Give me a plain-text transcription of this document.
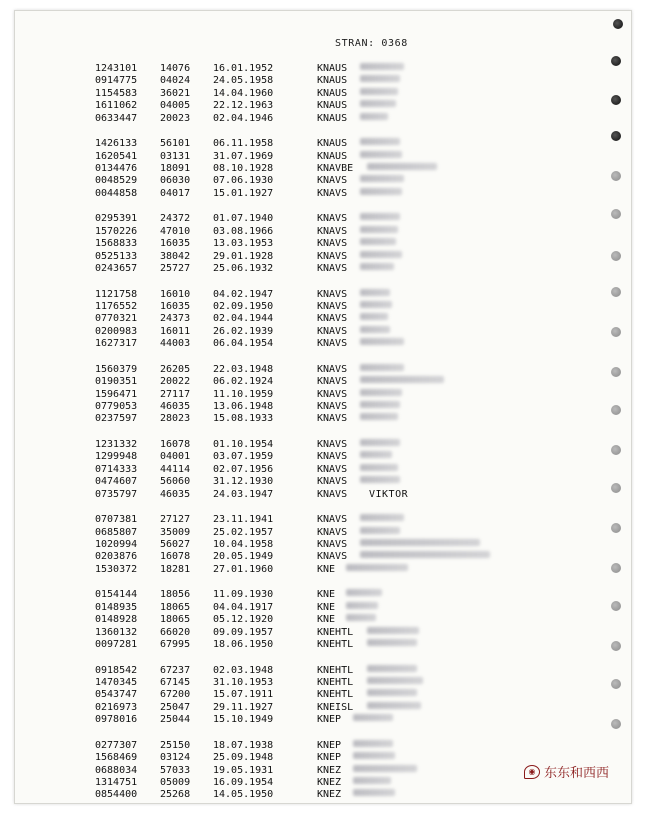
STRAN: 0368
1243101 14076 16.01.1952	KNAUS
0914775 04024 24.05.1958	KNAUS
1154583 36021 14.04.1960	KNAUS
1611062 04005 22.12.1963	KNAUS
0633447 20023 02.04.1946	KNAUS
1426133 56101 06.11.1958	KNAUS
1620541 03131 31.07.1969	KNAUS
0134476 18091 08.10.1928	KNAVBE
0048529 06030 07.06.1930	KNAVS
0044858 04017 15.01.1927	KNAVS
0295391 24372 01.07.1940	KNAVS
1570226 47010 03.08.1966	KNAVS
1568833 16035 13.03.1953	KNAVS
0525133 38042 29.01.1928	KNAVS
0243657 25727 25.06.1932	KNAVS
1121758 16010 04.02.1947	KNAVS
1176552 16035 02.09.1950	KNAVS
0770321 24373 02.04.1944	KNAVS
0200983 16011 26.02.1939	KNAVS
1627317 44003 06.04.1954	KNAVS
1560379 26205 22.03.1948	KNAVS
0190351 20022 06.02.1924	KNAVS
1596471 27117 11.10.1959	KNAVS
0779053 46035 13.06.1948	KNAVS
0237597 28023 15.08.1933	KNAVS
1231332 16078 01.10.1954	KNAVS
1299948 04001 03.07.1959	KNAVS
0714333 44114 02.07.1956	KNAVS
0474607 56060 31.12.1930	KNAVS
0735797 46035 24.03.1947	KNAVS VIKTOR
0707381 27127 23.11.1941	KNAVS
0685807 35009 25.02.1957	KNAVS
1020994 56027 10.04.1958	KNAVS
0203876 16078 20.05.1949	KNAVS
1530372 18281 27.01.1960	KNE
0154144 18056 11.09.1930	KNE
0148935 18065 04.04.1917	KNE
0148928 18065 05.12.1920	KNE
1360132 66020 09.09.1957	KNEHTL
0097281 67995 18.06.1950	KNEHTL
0918542 67237 02.03.1948	KNEHTL
1470345 67145 31.10.1953	KNEHTL
0543747 67200 15.07.1911	KNEHTL
0216973 25047 29.11.1927	KNEISL
0978016 25044 15.10.1949	KNEP
0277307 25150 18.07.1938	KNEP
1568469 03124 25.09.1948	KNEP
0688034 57033 19.05.1931	KNEZ
1314751 05009 16.09.1954	KNEZ
0854400 25268 14.05.1950	KNEZ
◉ 东东和西西
